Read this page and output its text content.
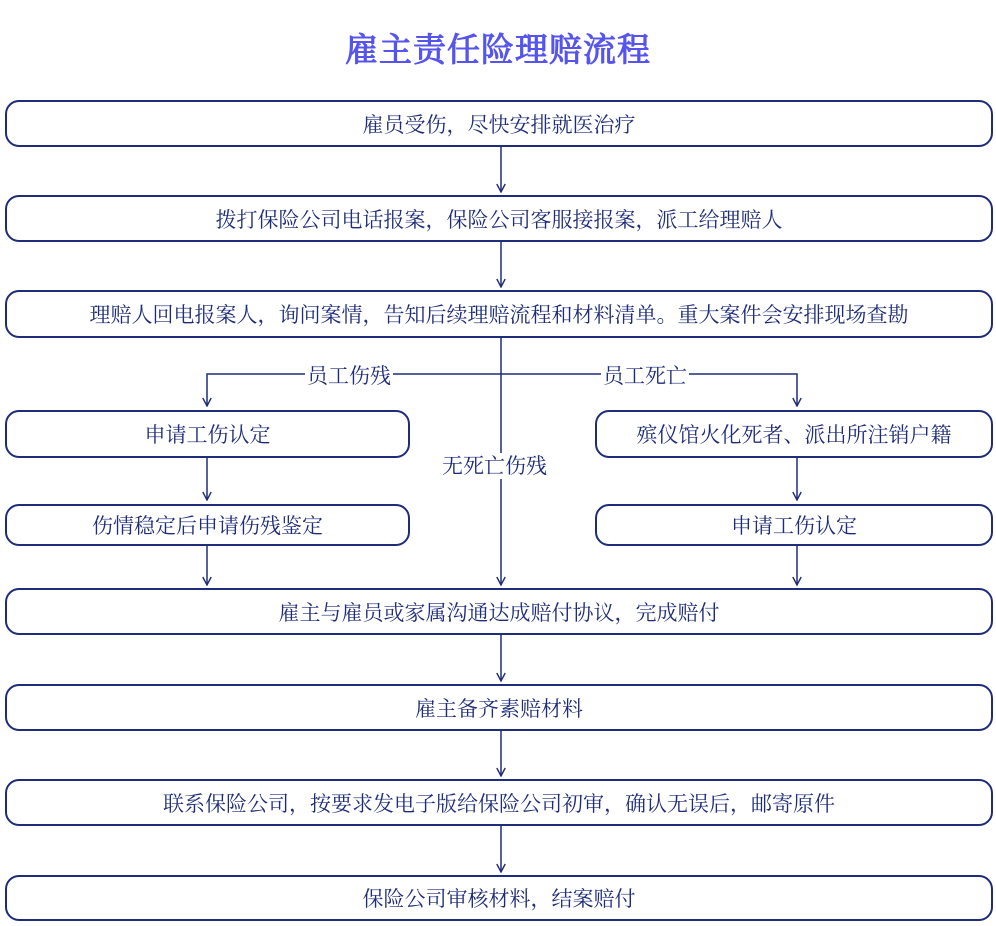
雇主责任险理赔流程
员工伤残	员工死亡
无死亡伤残
雇员受伤，尽快安排就医治疗
拨打保险公司电话报案，保险公司客服接报案，派工给理赔人
理赔人回电报案人，询问案情，告知后续理赔流程和材料清单。重大案件会安排现场查勘
申请工伤认定
伤情稳定后申请伤残鉴定
殡仪馆火化死者、派出所注销户籍
申请工伤认定
雇主与雇员或家属沟通达成赔付协议，完成赔付
雇主备齐素赔材料
联系保险公司，按要求发电子版给保险公司初审，确认无误后，邮寄原件
保险公司审核材料，结案赔付
